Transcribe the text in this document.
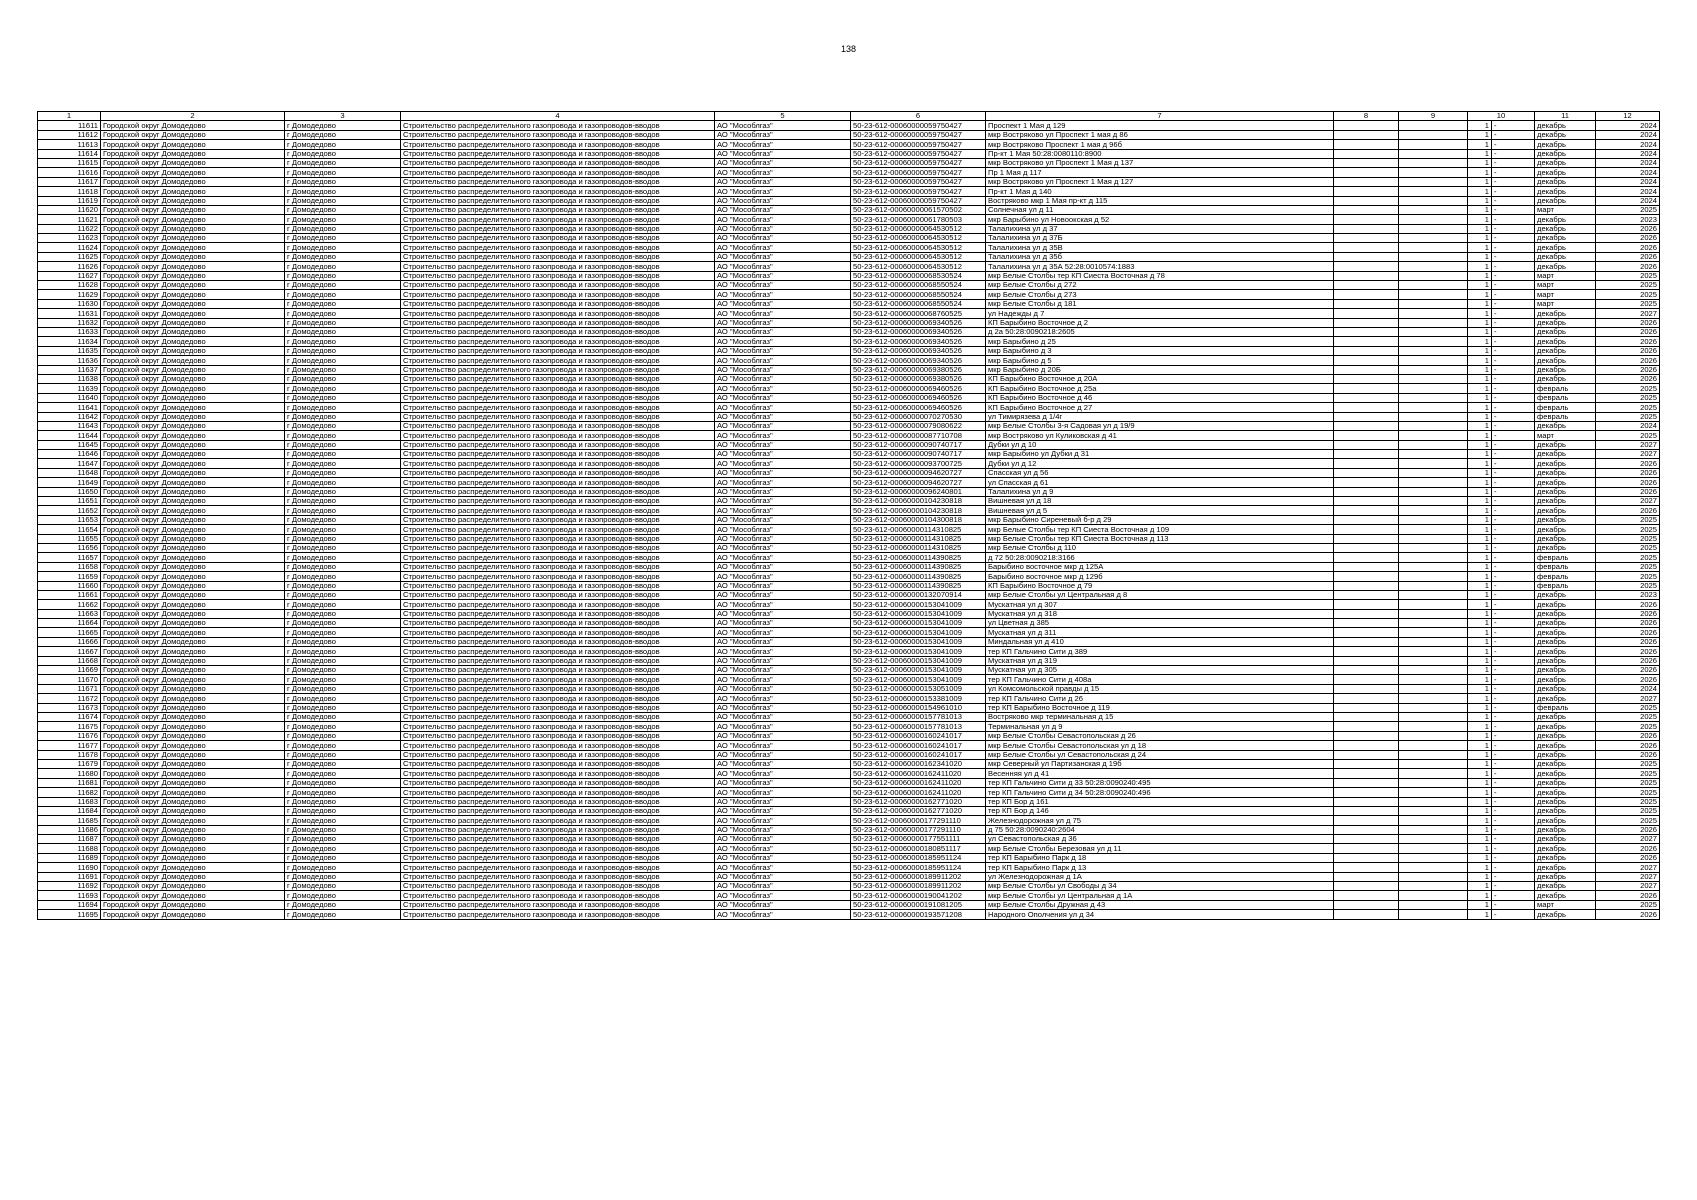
138
1	2	3	4	5	6	7	8	9	10		11	12
11611	Городской округ Домодедово	г Домодедово	Строительство распределительного газопровода и газопроводов-вводов	АО "Мособлгаз"	50-23-612-00060000059750427	Проспект 1 Мая д 129			1	-	декабрь	2024
11612	Городской округ Домодедово	г Домодедово	Строительство распределительного газопровода и газопроводов-вводов	АО "Мособлгаз"	50-23-612-00060000059750427	мкр Востряково ул Проспект 1 мая д 86			1	-	декабрь	2024
11613	Городской округ Домодедово	г Домодедово	Строительство распределительного газопровода и газопроводов-вводов	АО "Мособлгаз"	50-23-612-00060000059750427	мкр Востряково Проспект 1 мая д 96б			1	-	декабрь	2024
11614	Городской округ Домодедово	г Домодедово	Строительство распределительного газопровода и газопроводов-вводов	АО "Мособлгаз"	50-23-612-00060000059750427	Пр-кт 1 Мая 50:28:0080110:8900			1	-	декабрь	2024
11615	Городской округ Домодедово	г Домодедово	Строительство распределительного газопровода и газопроводов-вводов	АО "Мособлгаз"	50-23-612-00060000059750427	мкр Востряково ул Проспект 1 Мая д 137			1	-	декабрь	2024
11616	Городской округ Домодедово	г Домодедово	Строительство распределительного газопровода и газопроводов-вводов	АО "Мособлгаз"	50-23-612-00060000059750427	Пр 1 Мая д 117			1	-	декабрь	2024
11617	Городской округ Домодедово	г Домодедово	Строительство распределительного газопровода и газопроводов-вводов	АО "Мособлгаз"	50-23-612-00060000059750427	мкр Востряково ул Проспект 1 Мая д 127			1	-	декабрь	2024
11618	Городской округ Домодедово	г Домодедово	Строительство распределительного газопровода и газопроводов-вводов	АО "Мособлгаз"	50-23-612-00060000059750427	Пр-кт 1 Мая д 140			1	-	декабрь	2024
11619	Городской округ Домодедово	г Домодедово	Строительство распределительного газопровода и газопроводов-вводов	АО "Мособлгаз"	50-23-612-00060000059750427	Востряково мкр 1 Мая пр-кт д 115			1	-	декабрь	2024
11620	Городской округ Домодедово	г Домодедово	Строительство распределительного газопровода и газопроводов-вводов	АО "Мособлгаз"	50-23-612-00060000061570502	Солнечная ул д 11			1	-	март	2025
11621	Городской округ Домодедово	г Домодедово	Строительство распределительного газопровода и газопроводов-вводов	АО "Мособлгаз"	50-23-612-00060000061780503	мкр Барыбино ул Новоокская д 52			1	-	декабрь	2023
11622	Городской округ Домодедово	г Домодедово	Строительство распределительного газопровода и газопроводов-вводов	АО "Мособлгаз"	50-23-612-00060000064530512	Талалихина ул д 37			1	-	декабрь	2026
11623	Городской округ Домодедово	г Домодедово	Строительство распределительного газопровода и газопроводов-вводов	АО "Мособлгаз"	50-23-612-00060000064530512	Талалихина ул д 37Б			1	-	декабрь	2026
11624	Городской округ Домодедово	г Домодедово	Строительство распределительного газопровода и газопроводов-вводов	АО "Мособлгаз"	50-23-612-00060000064530512	Талалихина ул д 35В			1	-	декабрь	2026
11625	Городской округ Домодедово	г Домодедово	Строительство распределительного газопровода и газопроводов-вводов	АО "Мособлгаз"	50-23-612-00060000064530512	Талалихина ул д 35б			1	-	декабрь	2026
11626	Городской округ Домодедово	г Домодедово	Строительство распределительного газопровода и газопроводов-вводов	АО "Мособлгаз"	50-23-612-00060000064530512	Талалихина ул д 35А 52:28:0010574:1883			1	-	декабрь	2026
11627	Городской округ Домодедово	г Домодедово	Строительство распределительного газопровода и газопроводов-вводов	АО "Мособлгаз"	50-23-612-00060000068530524	мкр Белые Столбы тер КП Сиеста Восточная д 78			1	-	март	2025
11628	Городской округ Домодедово	г Домодедово	Строительство распределительного газопровода и газопроводов-вводов	АО "Мособлгаз"	50-23-612-00060000068550524	мкр Белые Столбы д 272			1	-	март	2025
11629	Городской округ Домодедово	г Домодедово	Строительство распределительного газопровода и газопроводов-вводов	АО "Мособлгаз"	50-23-612-00060000068550524	мкр Белые Столбы д 273			1	-	март	2025
11630	Городской округ Домодедово	г Домодедово	Строительство распределительного газопровода и газопроводов-вводов	АО "Мособлгаз"	50-23-612-00060000068550524	мкр Белые Столбы д 181			1	-	март	2025
11631	Городской округ Домодедово	г Домодедово	Строительство распределительного газопровода и газопроводов-вводов	АО "Мособлгаз"	50-23-612-00060000068760525	ул Надежды д 7			1	-	декабрь	2027
11632	Городской округ Домодедово	г Домодедово	Строительство распределительного газопровода и газопроводов-вводов	АО "Мособлгаз"	50-23-612-00060000069340526	КП Барыбино Восточное д 2			1	-	декабрь	2026
11633	Городской округ Домодедово	г Домодедово	Строительство распределительного газопровода и газопроводов-вводов	АО "Мособлгаз"	50-23-612-00060000069340526	д 2а 50:28:0090218:2605			1	-	декабрь	2026
11634	Городской округ Домодедово	г Домодедово	Строительство распределительного газопровода и газопроводов-вводов	АО "Мособлгаз"	50-23-612-00060000069340526	мкр Барыбино д 25			1	-	декабрь	2026
11635	Городской округ Домодедово	г Домодедово	Строительство распределительного газопровода и газопроводов-вводов	АО "Мособлгаз"	50-23-612-00060000069340526	мкр Барыбино д 3			1	-	декабрь	2026
11636	Городской округ Домодедово	г Домодедово	Строительство распределительного газопровода и газопроводов-вводов	АО "Мособлгаз"	50-23-612-00060000069340526	мкр Барыбино д 5			1	-	декабрь	2026
11637	Городской округ Домодедово	г Домодедово	Строительство распределительного газопровода и газопроводов-вводов	АО "Мособлгаз"	50-23-612-00060000069380526	мкр Барыбино д 20Б			1	-	декабрь	2026
11638	Городской округ Домодедово	г Домодедово	Строительство распределительного газопровода и газопроводов-вводов	АО "Мособлгаз"	50-23-612-00060000069380526	КП Барыбино Восточное д 20А			1	-	декабрь	2026
11639	Городской округ Домодедово	г Домодедово	Строительство распределительного газопровода и газопроводов-вводов	АО "Мособлгаз"	50-23-612-00060000069460526	КП Барыбино Восточное д 25а			1	-	февраль	2025
11640	Городской округ Домодедово	г Домодедово	Строительство распределительного газопровода и газопроводов-вводов	АО "Мособлгаз"	50-23-612-00060000069460526	КП Барыбино Восточное д 46			1	-	февраль	2025
11641	Городской округ Домодедово	г Домодедово	Строительство распределительного газопровода и газопроводов-вводов	АО "Мособлгаз"	50-23-612-00060000069460526	КП Барыбино Восточное д 27			1	-	февраль	2025
11642	Городской округ Домодедово	г Домодедово	Строительство распределительного газопровода и газопроводов-вводов	АО "Мособлгаз"	50-23-612-00060000070270530	ул Тимирязева д 1/4г			1	-	февраль	2025
11643	Городской округ Домодедово	г Домодедово	Строительство распределительного газопровода и газопроводов-вводов	АО "Мособлгаз"	50-23-612-00060000079080622	мкр Белые Столбы 3-я Садовая ул д 19/9			1	-	декабрь	2024
11644	Городской округ Домодедово	г Домодедово	Строительство распределительного газопровода и газопроводов-вводов	АО "Мособлгаз"	50-23-612-00060000087710708	мкр Востряково ул Куликовская д 41			1	-	март	2025
11645	Городской округ Домодедово	г Домодедово	Строительство распределительного газопровода и газопроводов-вводов	АО "Мособлгаз"	50-23-612-00060000090740717	Дубки ул д 10			1	-	декабрь	2027
11646	Городской округ Домодедово	г Домодедово	Строительство распределительного газопровода и газопроводов-вводов	АО "Мособлгаз"	50-23-612-00060000090740717	мкр Барыбино ул Дубки д 31			1	-	декабрь	2027
11647	Городской округ Домодедово	г Домодедово	Строительство распределительного газопровода и газопроводов-вводов	АО "Мособлгаз"	50-23-612-00060000093700725	Дубки ул д 12			1	-	декабрь	2026
11648	Городской округ Домодедово	г Домодедово	Строительство распределительного газопровода и газопроводов-вводов	АО "Мособлгаз"	50-23-612-00060000094620727	Спасская ул д 56			1	-	декабрь	2026
11649	Городской округ Домодедово	г Домодедово	Строительство распределительного газопровода и газопроводов-вводов	АО "Мособлгаз"	50-23-612-00060000094620727	ул Спасская д 61			1	-	декабрь	2026
11650	Городской округ Домодедово	г Домодедово	Строительство распределительного газопровода и газопроводов-вводов	АО "Мособлгаз"	50-23-612-00060000096240801	Талалихина ул д 9			1	-	декабрь	2026
11651	Городской округ Домодедово	г Домодедово	Строительство распределительного газопровода и газопроводов-вводов	АО "Мособлгаз"	50-23-612-00060000104230818	Вишневая ул д 18			1	-	декабрь	2027
11652	Городской округ Домодедово	г Домодедово	Строительство распределительного газопровода и газопроводов-вводов	АО "Мособлгаз"	50-23-612-00060000104230818	Вишневая ул д 5			1	-	декабрь	2026
11653	Городской округ Домодедово	г Домодедово	Строительство распределительного газопровода и газопроводов-вводов	АО "Мособлгаз"	50-23-612-00060000104300818	мкр Барыбино Сиреневый б-р д 29			1	-	декабрь	2025
11654	Городской округ Домодедово	г Домодедово	Строительство распределительного газопровода и газопроводов-вводов	АО "Мособлгаз"	50-23-612-00060000114310825	мкр Белые Столбы тер КП Сиеста Восточная д 109			1	-	декабрь	2025
11655	Городской округ Домодедово	г Домодедово	Строительство распределительного газопровода и газопроводов-вводов	АО "Мособлгаз"	50-23-612-00060000114310825	мкр Белые Столбы тер КП Сиеста Восточная д 113			1	-	декабрь	2025
11656	Городской округ Домодедово	г Домодедово	Строительство распределительного газопровода и газопроводов-вводов	АО "Мособлгаз"	50-23-612-00060000114310825	мкр Белые Столбы д 110			1	-	декабрь	2025
11657	Городской округ Домодедово	г Домодедово	Строительство распределительного газопровода и газопроводов-вводов	АО "Мособлгаз"	50-23-612-00060000114390825	д 72 50:28:0090218:3166			1	-	февраль	2025
11658	Городской округ Домодедово	г Домодедово	Строительство распределительного газопровода и газопроводов-вводов	АО "Мособлгаз"	50-23-612-00060000114390825	Барыбино восточное мкр д 125А			1	-	февраль	2025
11659	Городской округ Домодедово	г Домодедово	Строительство распределительного газопровода и газопроводов-вводов	АО "Мособлгаз"	50-23-612-00060000114390825	Барыбино восточное мкр д 129б			1	-	февраль	2025
11660	Городской округ Домодедово	г Домодедово	Строительство распределительного газопровода и газопроводов-вводов	АО "Мособлгаз"	50-23-612-00060000114390825	КП Барыбино Восточное д 79			1	-	февраль	2025
11661	Городской округ Домодедово	г Домодедово	Строительство распределительного газопровода и газопроводов-вводов	АО "Мособлгаз"	50-23-612-00060000132070914	мкр Белые Столбы ул Центральная д 8			1	-	декабрь	2023
11662	Городской округ Домодедово	г Домодедово	Строительство распределительного газопровода и газопроводов-вводов	АО "Мособлгаз"	50-23-612-00060000153041009	Мускатная ул д 307			1	-	декабрь	2026
11663	Городской округ Домодедово	г Домодедово	Строительство распределительного газопровода и газопроводов-вводов	АО "Мособлгаз"	50-23-612-00060000153041009	Мускатная ул д 318			1	-	декабрь	2026
11664	Городской округ Домодедово	г Домодедово	Строительство распределительного газопровода и газопроводов-вводов	АО "Мособлгаз"	50-23-612-00060000153041009	ул Цветная д 385			1	-	декабрь	2026
11665	Городской округ Домодедово	г Домодедово	Строительство распределительного газопровода и газопроводов-вводов	АО "Мособлгаз"	50-23-612-00060000153041009	Мускатная ул д 311			1	-	декабрь	2026
11666	Городской округ Домодедово	г Домодедово	Строительство распределительного газопровода и газопроводов-вводов	АО "Мособлгаз"	50-23-612-00060000153041009	Миндальная ул д 410			1	-	декабрь	2026
11667	Городской округ Домодедово	г Домодедово	Строительство распределительного газопровода и газопроводов-вводов	АО "Мособлгаз"	50-23-612-00060000153041009	тер КП Гальчино Сити д 389			1	-	декабрь	2026
11668	Городской округ Домодедово	г Домодедово	Строительство распределительного газопровода и газопроводов-вводов	АО "Мособлгаз"	50-23-612-00060000153041009	Мускатная ул д 319			1	-	декабрь	2026
11669	Городской округ Домодедово	г Домодедово	Строительство распределительного газопровода и газопроводов-вводов	АО "Мособлгаз"	50-23-612-00060000153041009	Мускатная ул д 305			1	-	декабрь	2026
11670	Городской округ Домодедово	г Домодедово	Строительство распределительного газопровода и газопроводов-вводов	АО "Мособлгаз"	50-23-612-00060000153041009	тер КП Гальчино Сити д 408а			1	-	декабрь	2026
11671	Городской округ Домодедово	г Домодедово	Строительство распределительного газопровода и газопроводов-вводов	АО "Мособлгаз"	50-23-612-00060000153051009	ул Комсомольской правды д 15			1	-	декабрь	2024
11672	Городской округ Домодедово	г Домодедово	Строительство распределительного газопровода и газопроводов-вводов	АО "Мособлгаз"	50-23-612-00060000153381009	тер КП Гальчино Сити д 26			1	-	декабрь	2027
11673	Городской округ Домодедово	г Домодедово	Строительство распределительного газопровода и газопроводов-вводов	АО "Мособлгаз"	50-23-612-00060000154961010	тер КП Барыбино Восточное д 119			1	-	февраль	2025
11674	Городской округ Домодедово	г Домодедово	Строительство распределительного газопровода и газопроводов-вводов	АО "Мособлгаз"	50-23-612-00060000157781013	Востряково мкр терминальная д 15			1	-	декабрь	2025
11675	Городской округ Домодедово	г Домодедово	Строительство распределительного газопровода и газопроводов-вводов	АО "Мособлгаз"	50-23-612-00060000157781013	Терминальная ул д 9			1	-	декабрь	2025
11676	Городской округ Домодедово	г Домодедово	Строительство распределительного газопровода и газопроводов-вводов	АО "Мособлгаз"	50-23-612-00060000160241017	мкр Белые Столбы Севастопольская д 26			1	-	декабрь	2026
11677	Городской округ Домодедово	г Домодедово	Строительство распределительного газопровода и газопроводов-вводов	АО "Мособлгаз"	50-23-612-00060000160241017	мкр Белые Столбы Севастопольская ул д 18			1	-	декабрь	2026
11678	Городской округ Домодедово	г Домодедово	Строительство распределительного газопровода и газопроводов-вводов	АО "Мособлгаз"	50-23-612-00060000160241017	мкр Белые Столбы ул Севастопольская д 24			1	-	декабрь	2026
11679	Городской округ Домодедово	г Домодедово	Строительство распределительного газопровода и газопроводов-вводов	АО "Мособлгаз"	50-23-612-00060000162341020	мкр Северный ул Партизанская д 19б			1	-	декабрь	2025
11680	Городской округ Домодедово	г Домодедово	Строительство распределительного газопровода и газопроводов-вводов	АО "Мособлгаз"	50-23-612-00060000162411020	Весенняя ул д 41			1	-	декабрь	2025
11681	Городской округ Домодедово	г Домодедово	Строительство распределительного газопровода и газопроводов-вводов	АО "Мособлгаз"	50-23-612-00060000162411020	тер КП Гальчино Сити д 33 50:28:0090240:495			1	-	декабрь	2025
11682	Городской округ Домодедово	г Домодедово	Строительство распределительного газопровода и газопроводов-вводов	АО "Мособлгаз"	50-23-612-00060000162411020	тер КП Гальчино Сити д 34 50:28:0090240:496			1	-	декабрь	2025
11683	Городской округ Домодедово	г Домодедово	Строительство распределительного газопровода и газопроводов-вводов	АО "Мособлгаз"	50-23-612-00060000162771020	тер КП Бор д 161			1	-	декабрь	2025
11684	Городской округ Домодедово	г Домодедово	Строительство распределительного газопровода и газопроводов-вводов	АО "Мособлгаз"	50-23-612-00060000162771020	тер КП Бор д 146			1	-	декабрь	2025
11685	Городской округ Домодедово	г Домодедово	Строительство распределительного газопровода и газопроводов-вводов	АО "Мособлгаз"	50-23-612-00060000177291110	Железнодорожная ул д 75			1	-	декабрь	2025
11686	Городской округ Домодедово	г Домодедово	Строительство распределительного газопровода и газопроводов-вводов	АО "Мособлгаз"	50-23-612-00060000177291110	д 75 50:28:0090240:2604			1	-	декабрь	2026
11687	Городской округ Домодедово	г Домодедово	Строительство распределительного газопровода и газопроводов-вводов	АО "Мособлгаз"	50-23-612-00060000177551111	ул Севастопольская д 36			1	-	декабрь	2027
11688	Городской округ Домодедово	г Домодедово	Строительство распределительного газопровода и газопроводов-вводов	АО "Мособлгаз"	50-23-612-00060000180851117	мкр Белые Столбы Березовая ул д 11			1	-	декабрь	2026
11689	Городской округ Домодедово	г Домодедово	Строительство распределительного газопровода и газопроводов-вводов	АО "Мособлгаз"	50-23-612-00060000185951124	тер КП Барыбино Парк д 18			1	-	декабрь	2026
11690	Городской округ Домодедово	г Домодедово	Строительство распределительного газопровода и газопроводов-вводов	АО "Мособлгаз"	50-23-612-00060000185951124	тер КП Барыбино Парк д 13			1	-	декабрь	2027
11691	Городской округ Домодедово	г Домодедово	Строительство распределительного газопровода и газопроводов-вводов	АО "Мособлгаз"	50-23-612-00060000189911202	ул Железнодорожная д 1А			1	-	декабрь	2027
11692	Городской округ Домодедово	г Домодедово	Строительство распределительного газопровода и газопроводов-вводов	АО "Мособлгаз"	50-23-612-00060000189911202	мкр Белые Столбы ул Свободы д 34			1	-	декабрь	2027
11693	Городской округ Домодедово	г Домодедово	Строительство распределительного газопровода и газопроводов-вводов	АО "Мособлгаз"	50-23-612-00060000190041202	мкр Белые Столбы ул Центральная д 1А			1	-	декабрь	2026
11694	Городской округ Домодедово	г Домодедово	Строительство распределительного газопровода и газопроводов-вводов	АО "Мособлгаз"	50-23-612-00060000191081205	мкр Белые Столбы Дружная д 43			1	-	март	2025
11695	Городской округ Домодедово	г Домодедово	Строительство распределительного газопровода и газопроводов-вводов	АО "Мособлгаз"	50-23-612-00060000193571208	Народного Ополчения ул д 34			1	-	декабрь	2026
